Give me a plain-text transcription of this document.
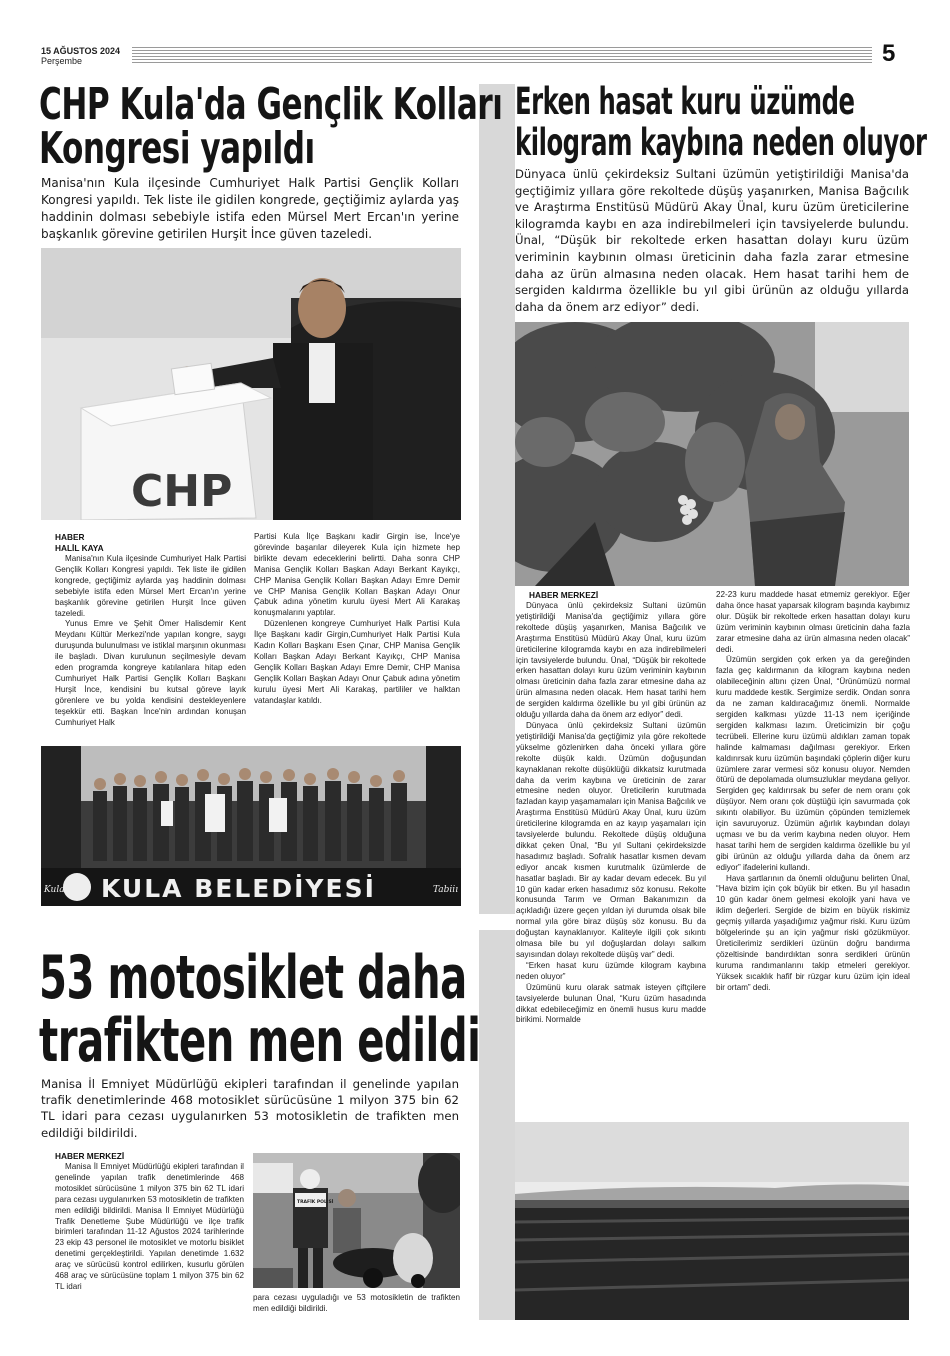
15 AĞUSTOS 2024
Perşembe	5
CHP Kula'da Gençlik Kolları
Kongresi yapıldı
Manisa'nın Kula ilçesinde Cumhuriyet Halk Partisi Gençlik Kolları Kongresi yapıldı. Tek liste ile gidilen kongrede, geçtiğimiz aylarda yaş haddinin dolması sebebiyle istifa eden Mürsel Mert Ercan'ın yerine başkanlık görevine getirilen Hurşit İnce güven tazeledi.
CHP
HABER
HALİL KAYA

Manisa'nın Kula ilçesinde Cumhuriyet Halk Partisi Gençlik Kolları Kongresi yapıldı. Tek liste ile gidilen kongrede, geçtiğimiz aylarda yaş haddinin dolması sebebiyle istifa eden Mürsel Mert Ercan'ın yerine başkanlık görevine getirilen Hurşit İnce güven tazeledi.

Yunus Emre ve Şehit Ömer Halisdemir Kent Meydanı Kültür Merkezi'nde yapılan kongre, saygı duruşunda bulunulması ve istiklal marşının okunması ile başladı. Divan kurulunun seçilmesiyle devam eden programda kongreye katılanlara hitap eden Cumhuriyet Halk Partisi Gençlik Kolları Başkanı Hurşit İnce, kendisini bu kutsal göreve layık görenlere ve bu yolda kendisini destekleyenlere teşekkür etti. Başkan İnce'nin ardından konuşan Cumhuriyet Halk

Partisi Kula İlçe Başkanı kadir Girgin ise, İnce'ye görevinde başarılar dileyerek Kula için hizmete hep birlikte devam edeceklerini belirtti. Daha sonra CHP Manisa Gençlik Kolları Başkan Adayı Berkant Kayıkçı, CHP Manisa Gençlik Kolları Başkan Adayı Emre Demir ve CHP Manisa Gençlik Kolları Başkan Adayı Onur Çabuk adına yönetim kurulu üyesi Mert Ali Karakaş konuşmalarını yaptılar.

Düzenlenen kongreye Cumhuriyet Halk Partisi Kula İlçe Başkanı kadir Girgin,Cumhuriyet Halk Partisi Kula Kadın Kolları Başkanı Esen Çınar, CHP Manisa Gençlik Kolları Başkan Adayı Berkant Kayıkçı, CHP Manisa Gençlik Kolları Başkan Adayı Emre Demir, CHP Manisa Gençlik Kolları Başkan Adayı Onur Çabuk adına yönetim kurulu üyesi Mert Ali Karakaş, partililer ve halktan vatandaşlar katıldı.

KULA BELEDİYESİ
Kula	Tabiiı
Erken hasat kuru üzümde
kilogram kaybına neden oluyor
Dünyaca ünlü çekirdeksiz Sultani üzümün yetiştirildiği Manisa'da geçtiğimiz yıllara göre rekoltede düşüş yaşanırken, Manisa Bağcılık ve Araştırma Enstitüsü Müdürü Akay Ünal, kuru üzüm üreticilerine kilogramda kaybı en aza indirebilmeleri için tavsiyelerde bulundu. Ünal, “Düşük bir rekoltede erken hasattan dolayı kuru üzüm veriminin kaybının olması üreticinin daha fazla zarar etmesine daha az ürün almasına neden olacak. Hem hasat tarihi hem de sergiden kaldırma özellikle bu yıl gibi ürünün az olduğu yıllarda daha da önem arz ediyor” dedi.
HABER MERKEZİ

Dünyaca ünlü çekirdeksiz Sultani üzümün yetiştirildiği Manisa'da geçtiğimiz yıllara göre rekoltede düşüş yaşanırken, Manisa Bağcılık ve Araştırma Enstitüsü Müdürü Akay Ünal, kuru üzüm üreticilerine kilogramda kaybı en aza indirebilmeleri için tavsiyelerde bulundu. Ünal, “Düşük bir rekoltede erken hasattan dolayı kuru üzüm veriminin kaybının olması üreticinin daha fazla zarar etmesine daha az ürün almasına neden olacak. Hem hasat tarihi hem de sergiden kaldırma özellikle bu yıl gibi ürünün az olduğu yıllarda daha da önem arz ediyor” dedi.

Dünyaca ünlü çekirdeksiz Sultani üzümün yetiştirildiği Manisa'da geçtiğimiz yıla göre rekoltede yükselme gözlenirken daha önceki yıllara göre rekolte düşük kaldı. Üzümün doğuşundan kaynaklanan rekolte düşüklüğü dikkatsiz kurutmada daha da verim kaybına ve üreticinin de zarar etmesine neden oluyor. Üreticilerin kurutmada fazladan kayıp yaşamamaları için Manisa Bağcılık ve Araştırma Enstitüsü Müdürü Akay Ünal, kuru üzüm üreticilerine kilogramda en az kayıp yaşamaları için tavsiyelerde bulundu. Rekoltede düşüş olduğuna dikkat çeken Ünal, “Bu yıl Sultani çekirdeksizde hasadımız başladı. Sofralık hasatlar kısmen devam ediyor ancak kısmen kurutmalık üzümlerde de hasatlar başladı. Bir ay kadar devam edecek. Bu yıl 10 gün kadar erken hasadımız söz konusu. Rekolte konusunda Tarım ve Orman Bakanımızın da açıkladığı üzere geçen yıldan iyi durumda olsak bile normal yıla göre biraz düşüş söz konusu. Bu da doğuştan kaynaklanıyor. Kaliteyle ilgili çok sıkıntı olmasa bile bu yıl doğuşlardan dolayı salkım sayısından dolayı rekoltede düşüş var” dedi.

“Erken hasat kuru üzümde kilogram kaybına neden oluyor”

Üzümünü kuru olarak satmak isteyen çiftçilere tavsiyelerde bulunan Ünal, “Kuru üzüm hasadında dikkat edebileceğimiz en önemli husus kuru madde birikimi. Normalde

22-23 kuru maddede hasat etmemiz gerekiyor. Eğer daha önce hasat yaparsak kilogram başında kaybımız olur. Düşük bir rekoltede erken hasattan dolayı kuru üzüm veriminin kaybının olması üreticinin daha fazla zarar etmesine daha az ürün almasına neden olacak” dedi.

Üzümün sergiden çok erken ya da gereğinden fazla geç kaldırmanın da kilogram kaybına neden olabileceğinin altını çizen Ünal, “Ürünümüzü normal kuru maddede kestik. Sergimize serdik. Ondan sonra da ne zaman kaldıracağımız önemli. Normalde sergiden kalkması yüzde 11-13 nem içeriğinde sergiden kalkması lazım. Üreticimizin bir çoğu tecrübeli. Ellerine kuru üzümü aldıkları zaman topak halinde kalmaması dağılması gerekiyor. Erken kaldırırsak kuru üzümün başındaki çöplerin diğer kuru üzümlere zarar vermesi söz konusu oluyor. Nemden ötürü de depolamada olumsuzluklar meydana geliyor. Sergiden geç kaldırırsak bu sefer de nem oranı çok düşüyor. Nem oranı çok düştüğü için savurmada çok sıkıntı olabiliyor. Bu üzümün çöpünden temizlemek için savuruyoruz. Üzümün ağırlık kaybından dolayı uçması ve bu da verim kaybına neden oluyor. Hem hasat tarihi hem de sergiden kaldırma özellikle bu yıl gibi ürünün az olduğu yıllarda daha da önem arz ediyor” ifadelerini kullandı.

Hava şartlarının da önemli olduğunu belirten Ünal, “Hava bizim için çok büyük bir etken. Bu yıl hasadın 10 gün kadar önem gelmesi ekolojik yani hava ve iklim değerleri. Sergide de bizim en büyük riskimiz geçmiş yıllarda yaşadığımız yağmur riski. Kuru üzüm bölgelerinde şu an için yağmur riski gözükmüyor. Üreticilerimiz serdikleri üzünün doğru bandırma çözeltisinde bandırdıktan sonra serdikleri ürünün kuruma randımanlarını takip etmeleri gerekiyor. Yüksek sıcaklık hafif bir rüzgar kuru üzüm için ideal bir ortam” dedi.

53 motosiklet daha
trafikten men edildi
Manisa İl Emniyet Müdürlüğü ekipleri tarafından il genelinde yapılan trafik denetimlerinde 468 motosiklet sürücüsüne 1 milyon 375 bin 62 TL idari para cezası uygulanırken 53 motosikletin de trafikten men edildiği bildirildi.
HABER MERKEZİ

Manisa İl Emniyet Müdürlüğü ekipleri tarafından il genelinde yapılan trafik denetimlerinde 468 motosiklet sürücüsüne 1 milyon 375 bin 62 TL idari para cezası uygulanırken 53 motosikletin de trafikten men edildiği bildirildi. Manisa İl Emniyet Müdürlüğü Trafik Denetleme Şube Müdürlüğü ve ilçe trafik birimleri tarafından 11-12 Ağustos 2024 tarihlerinde 23 ekip 43 personel ile motosiklet ve motorlu bisiklet denetimi gerçekleştirildi. Yapılan denetimde 1.632 araç ve sürücüsü kontrol edilirken, kusurlu görülen 468 araç ve sürücüsüne toplam 1 milyon 375 bin 62 TL idari

TRAFİK POLİSİ

para cezası uyguladığı ve 53 motosikletin de trafikten men edildiği bildirildi.
